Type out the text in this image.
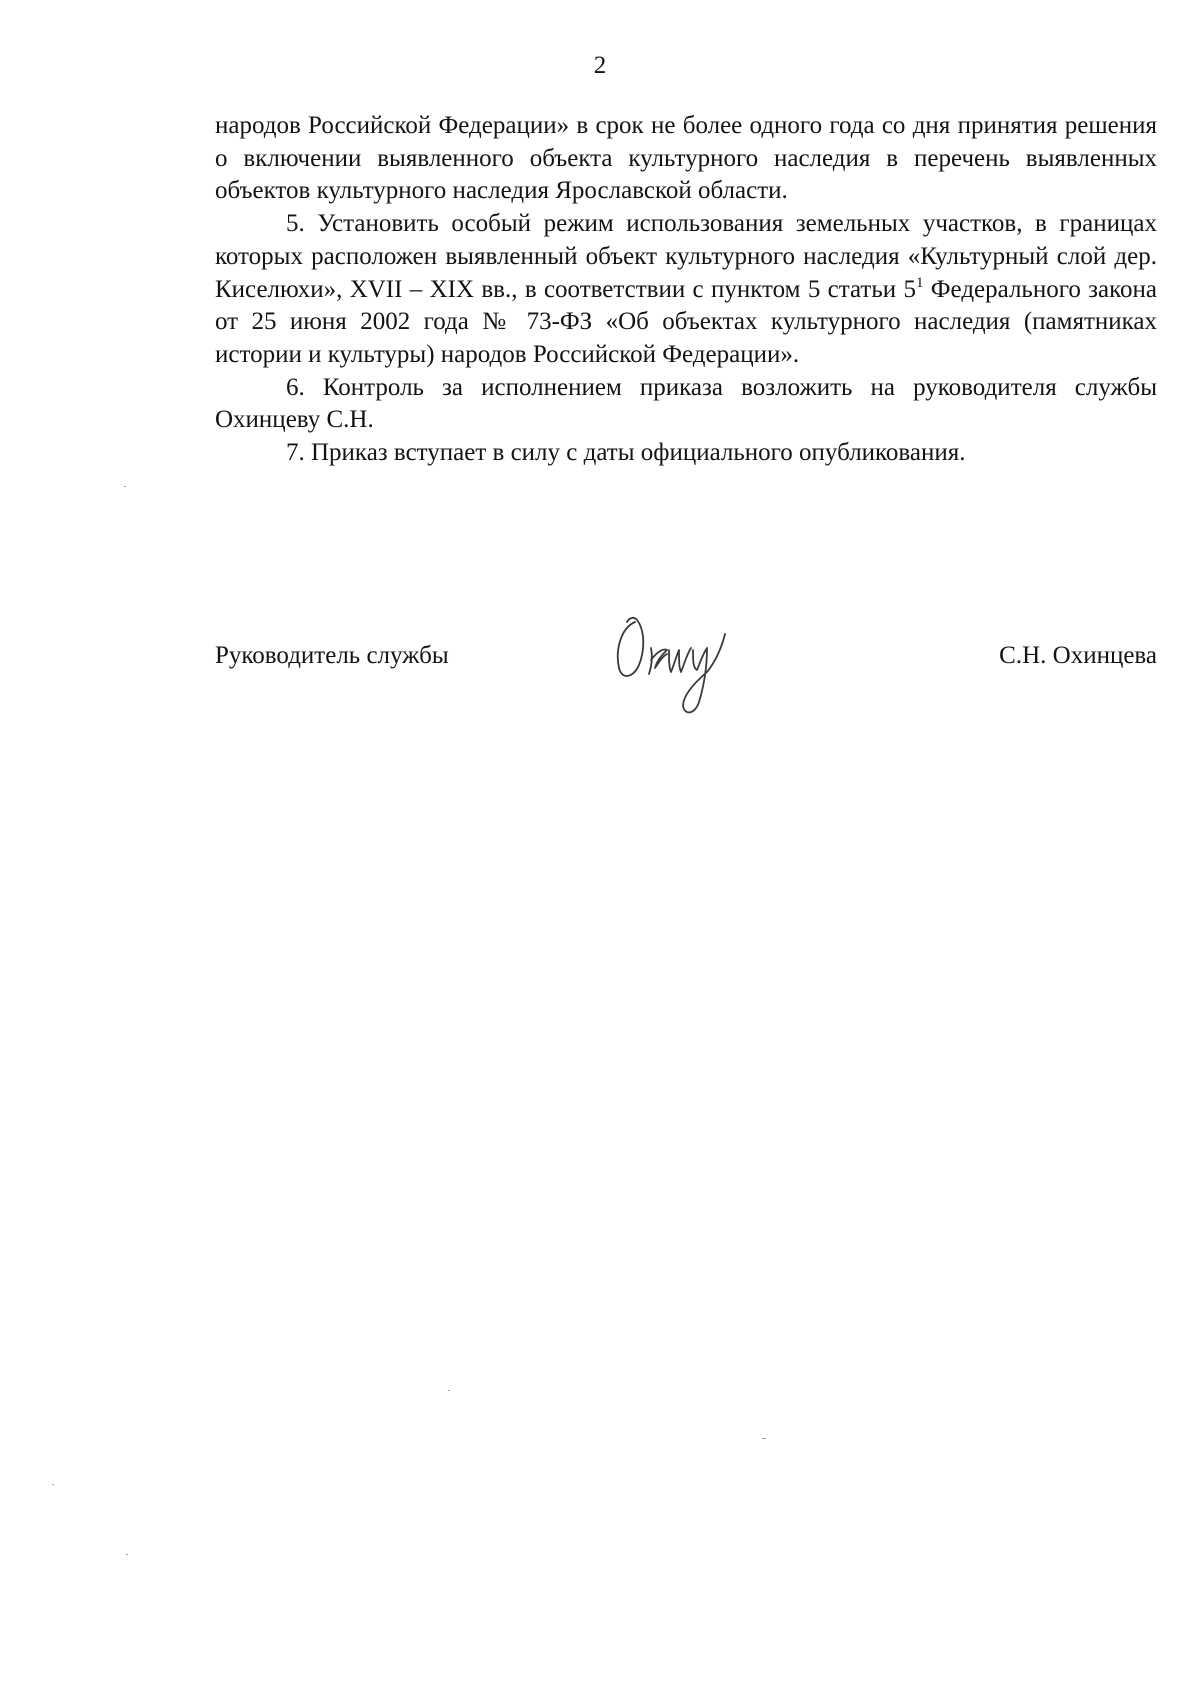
2

народов Российской Федерации» в срок не более одного года со дня принятия решения о включении выявленного объекта культурного наследия в перечень выявленных объектов культурного наследия Ярославской области.

5. Установить особый режим использования земельных участков, в границах которых расположен выявленный объект культурного наследия «Культурный слой дер. Киселюхи», XVII – XIX вв., в соответствии с пунктом 5 статьи $5^1$ Федерального закона от 25 июня 2002 года № 73-ФЗ «Об объектах культурного наследия (памятниках истории и культуры) народов Российской Федерации».

6. Контроль за исполнением приказа возложить на руководителя службы Охинцеву С.Н.

7. Приказ вступает в силу с даты официального опубликования.

Руководитель службы	С.Н. Охинцева
